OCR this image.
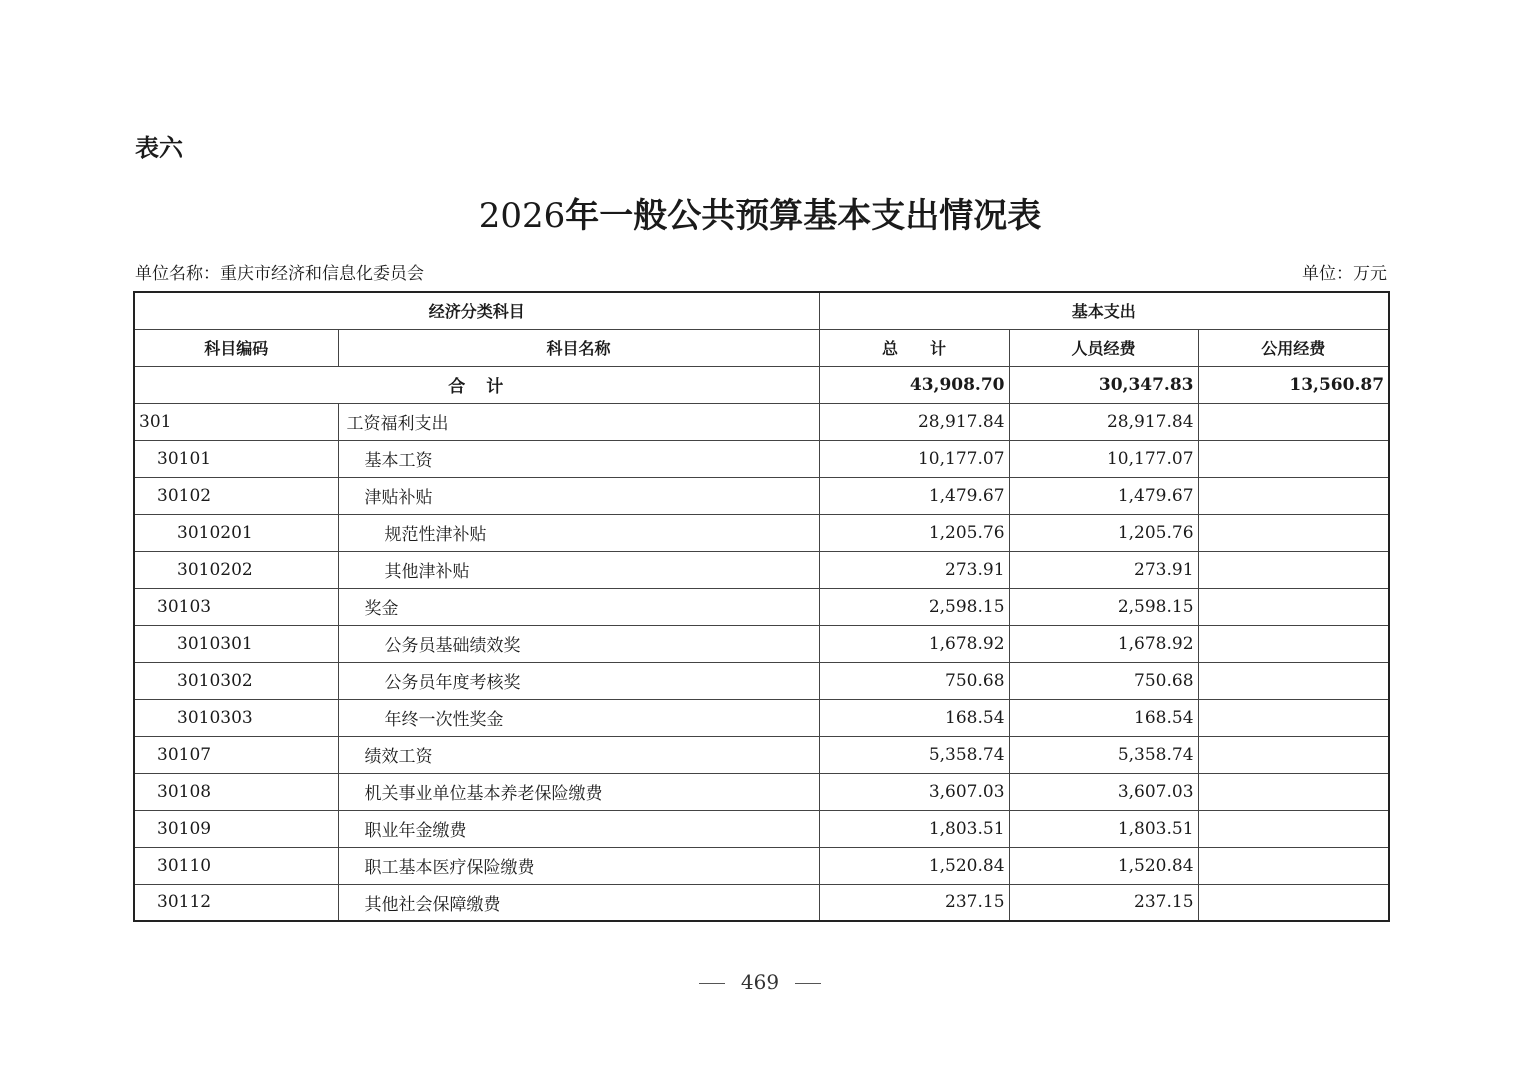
表六
2026年一般公共预算基本支出情况表
单位名称：重庆市经济和信息化委员会	单位：万元
经济分类科目		基本支出		
科目编码	科目名称	总　　计	人员经费	公用经费
合　计		43,908.70	30,347.83	13,560.87
301	工资福利支出	28,917.84	28,917.84	
30101	基本工资	10,177.07	10,177.07	
30102	津贴补贴	1,479.67	1,479.67	
3010201	规范性津补贴	1,205.76	1,205.76	
3010202	其他津补贴	273.91	273.91	
30103	奖金	2,598.15	2,598.15	
3010301	公务员基础绩效奖	1,678.92	1,678.92	
3010302	公务员年度考核奖	750.68	750.68	
3010303	年终一次性奖金	168.54	168.54	
30107	绩效工资	5,358.74	5,358.74	
30108	机关事业单位基本养老保险缴费	3,607.03	3,607.03	
30109	职业年金缴费	1,803.51	1,803.51	
30110	职工基本医疗保险缴费	1,520.84	1,520.84	
30112	其他社会保障缴费	237.15	237.15	
469
